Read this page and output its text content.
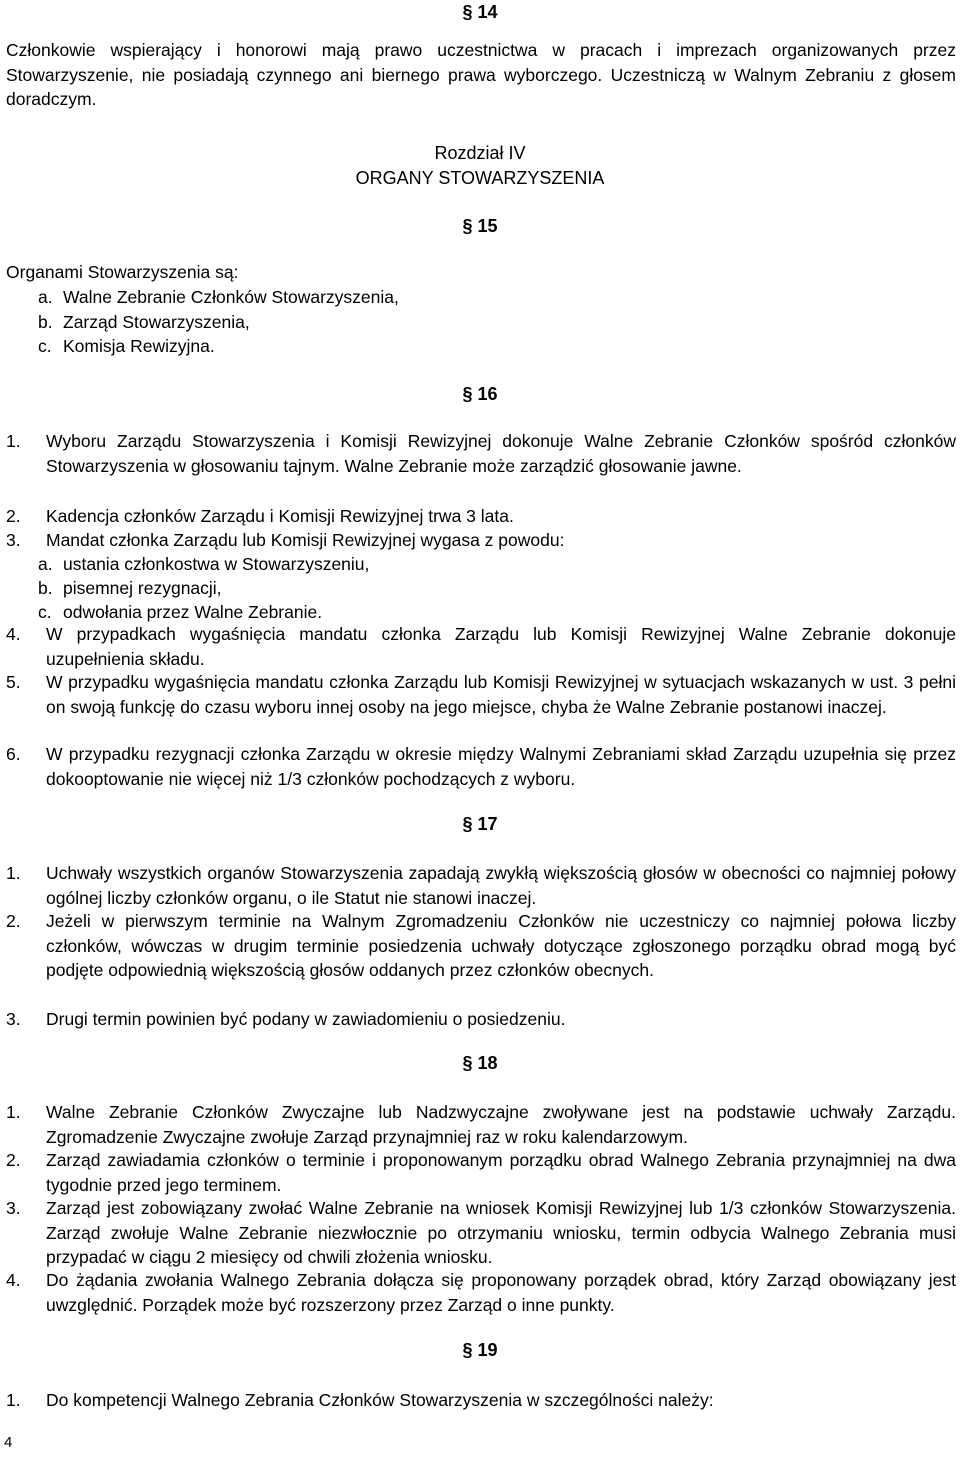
§ 14
Członkowie wspierający i honorowi mają prawo uczestnictwa w pracach i imprezach organizowanych przez Stowarzyszenie, nie posiadają czynnego ani biernego prawa wyborczego. Uczestniczą w Walnym Zebraniu z głosem doradczym.
Rozdział IV
ORGANY STOWARZYSZENIA
§ 15
Organami Stowarzyszenia są:
a. Walne Zebranie Członków Stowarzyszenia,
b. Zarząd Stowarzyszenia,
c. Komisja Rewizyjna.
§ 16
1.	Wyboru Zarządu Stowarzyszenia i Komisji Rewizyjnej dokonuje Walne Zebranie Członków spośród członków Stowarzyszenia w głosowaniu tajnym. Walne Zebranie może zarządzić głosowanie jawne.
2.	Kadencja członków Zarządu i Komisji Rewizyjnej trwa 3 lata.
3.	Mandat członka Zarządu lub Komisji Rewizyjnej wygasa z powodu:
a. ustania członkostwa w Stowarzyszeniu,
b. pisemnej rezygnacji,
c. odwołania przez Walne Zebranie.
4.	W przypadkach wygaśnięcia mandatu członka Zarządu lub Komisji Rewizyjnej Walne Zebranie dokonuje uzupełnienia składu.
5.	W przypadku wygaśnięcia mandatu członka Zarządu lub Komisji Rewizyjnej w sytuacjach wskazanych w ust. 3 pełni on swoją funkcję do czasu wyboru innej osoby na jego miejsce, chyba że Walne Zebranie postanowi inaczej.
6.	W przypadku rezygnacji członka Zarządu w okresie między Walnymi Zebraniami skład Zarządu uzupełnia się przez dokooptowanie nie więcej niż 1/3 członków pochodzących z wyboru.
§ 17
1.	Uchwały wszystkich organów Stowarzyszenia zapadają zwykłą większością głosów w obecności co najmniej połowy ogólnej liczby członków organu, o ile Statut nie stanowi inaczej.
2.	Jeżeli w pierwszym terminie na Walnym Zgromadzeniu Członków nie uczestniczy co najmniej połowa liczby członków, wówczas w drugim terminie posiedzenia uchwały dotyczące zgłoszonego porządku obrad mogą być podjęte odpowiednią większością głosów oddanych przez członków obecnych.
3.	Drugi termin powinien być podany w zawiadomieniu o posiedzeniu.
§ 18
1.	Walne Zebranie Członków Zwyczajne lub Nadzwyczajne zwoływane jest na podstawie uchwały Zarządu. Zgromadzenie Zwyczajne zwołuje Zarząd przynajmniej raz w roku kalendarzowym.
2.	Zarząd zawiadamia członków o terminie i proponowanym porządku obrad Walnego Zebrania przynajmniej na dwa tygodnie przed jego terminem.
3.	Zarząd jest zobowiązany zwołać Walne Zebranie na wniosek Komisji Rewizyjnej lub 1/3 członków Stowarzyszenia. Zarząd zwołuje Walne Zebranie niezwłocznie po otrzymaniu wniosku, termin odbycia Walnego Zebrania musi przypadać w ciągu 2 miesięcy od chwili złożenia wniosku.
4.	Do żądania zwołania Walnego Zebrania dołącza się proponowany porządek obrad, który Zarząd obowiązany jest uwzględnić. Porządek może być rozszerzony przez Zarząd o inne punkty.
§ 19
1.	Do kompetencji Walnego Zebrania Członków Stowarzyszenia w szczególności należy:
4
